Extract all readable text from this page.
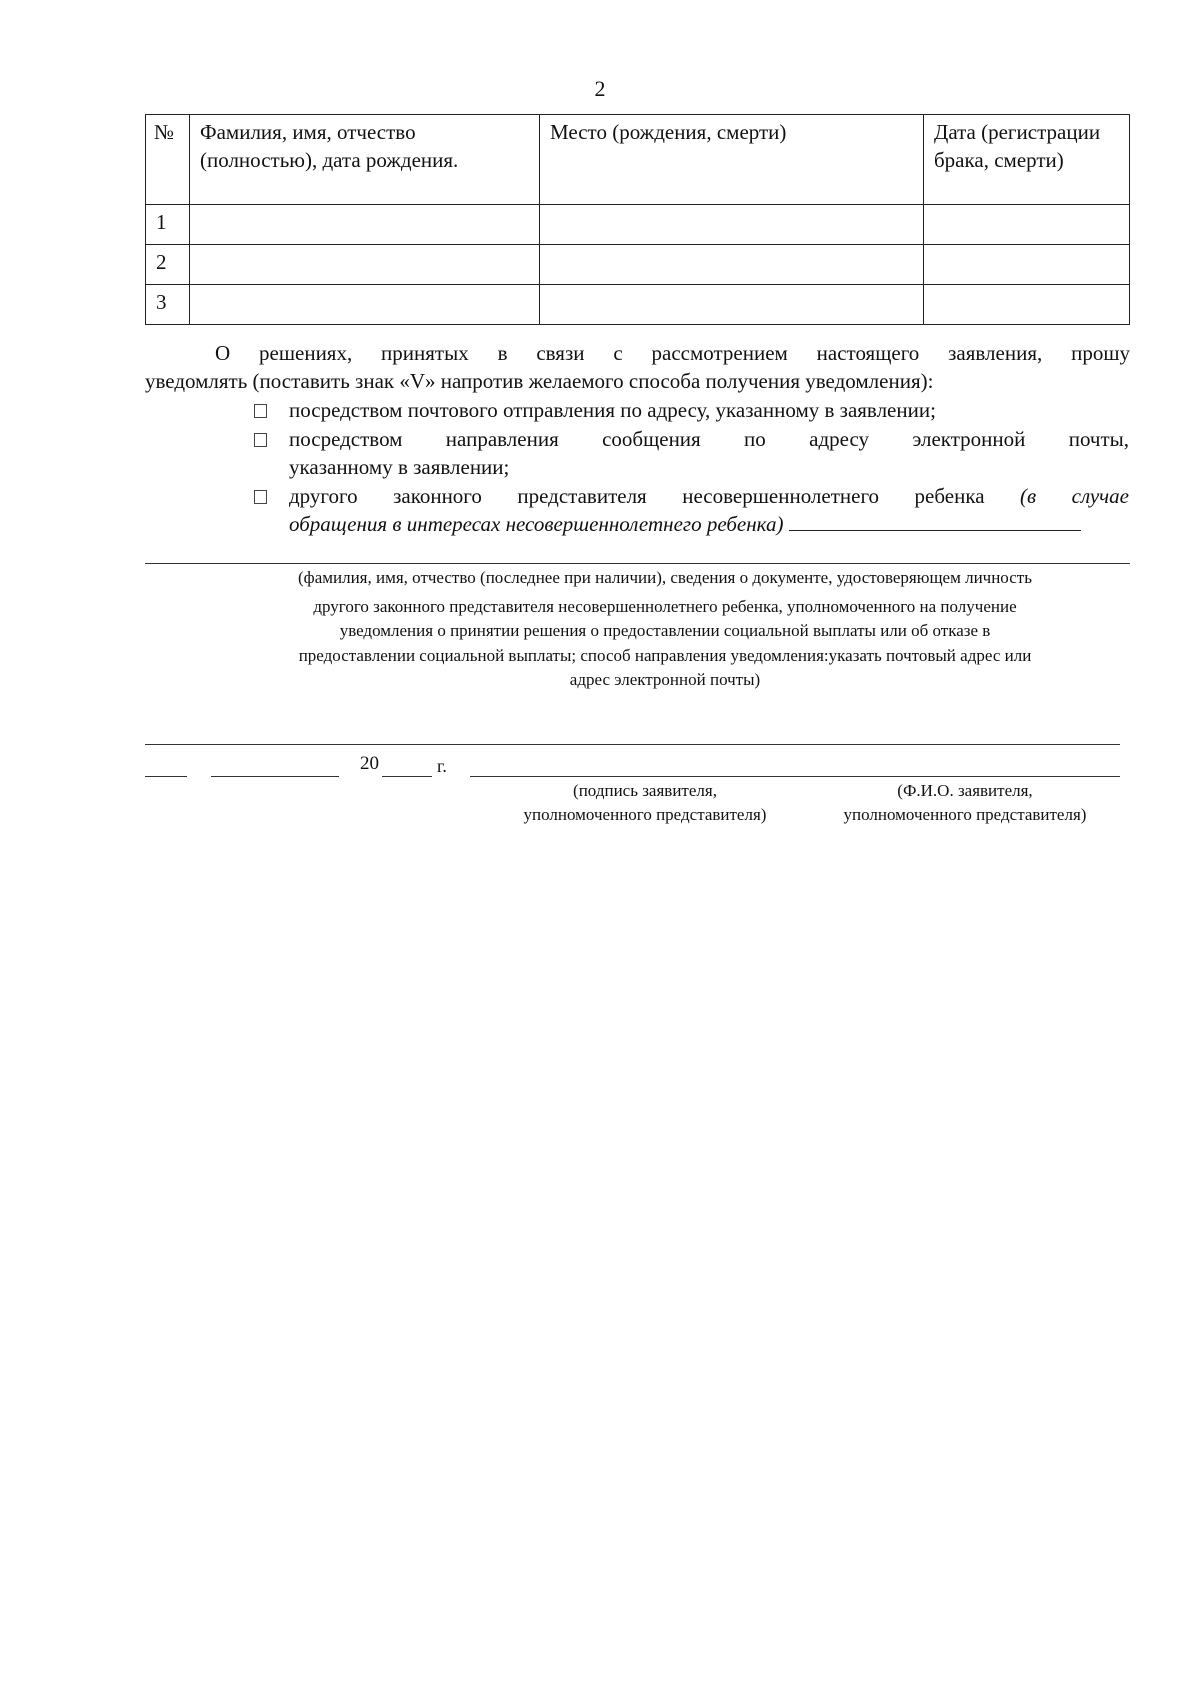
2
№	Фамилия, имя, отчество (полностью), дата рождения.	Место (рождения, смерти)	Дата (регистрации брака, смерти)
1			
2			
3			
О решениях, принятых в связи с рассмотрением настоящего заявления, прошу
уведомлять (поставить знак «V» напротив желаемого способа получения уведомления):
посредством почтового отправления по адресу, указанному в заявлении;
посредством направления сообщения по адресу электронной почты,
указанному в заявлении;
другого законного представителя несовершеннолетнего ребенка (в случае
обращения в интересах несовершеннолетнего ребенка)
(фамилия, имя, отчество (последнее при наличии), сведения о документе, удостоверяющем личность
другого законного представителя несовершеннолетнего ребенка, уполномоченного на получение
уведомления о принятии решения о предоставлении социальной выплаты или об отказе в
предоставлении социальной выплаты; способ направления уведомления:указать почтовый адрес или
адрес электронной почты)
20	г.
(подпись заявителя,
уполномоченного представителя)
(Ф.И.О. заявителя,
уполномоченного представителя)
